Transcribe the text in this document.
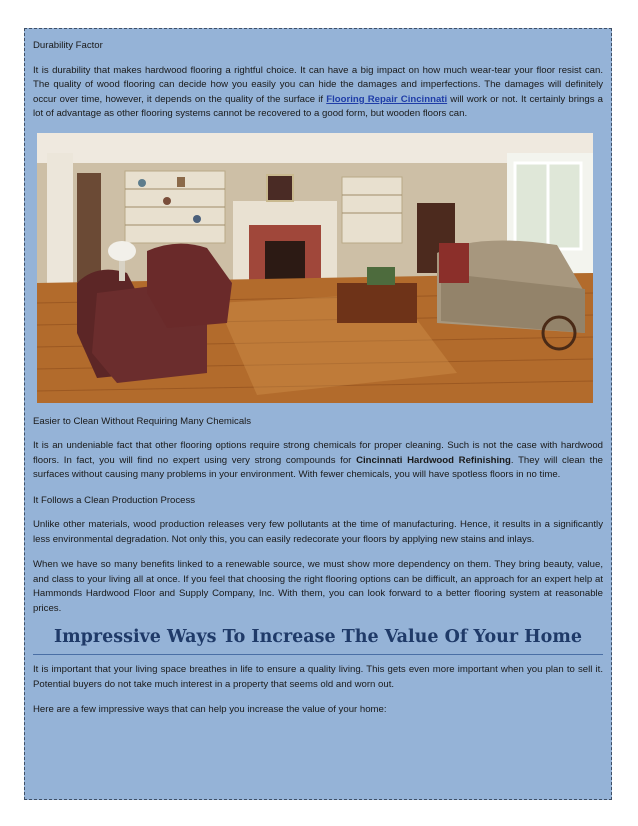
Durability Factor

It is durability that makes hardwood flooring a rightful choice. It can have a big impact on how much wear-tear your floor resist can. The quality of wood flooring can decide how you easily you can hide the damages and imperfections. The damages will definitely occur over time, however, it depends on the quality of the surface if Flooring Repair Cincinnati will work or not. It certainly brings a lot of advantage as other flooring systems cannot be recovered to a good form, but wooden floors can.

Easier to Clean Without Requiring Many Chemicals

It is an undeniable fact that other flooring options require strong chemicals for proper cleaning. Such is not the case with hardwood floors. In fact, you will find no expert using very strong compounds for Cincinnati Hardwood Refinishing. They will clean the surfaces without causing many problems in your environment. With fewer chemicals, you will have spotless floors in no time.

It Follows a Clean Production Process

Unlike other materials, wood production releases very few pollutants at the time of manufacturing. Hence, it results in a significantly less environmental degradation. Not only this, you can easily redecorate your floors by applying new stains and inlays.

When we have so many benefits linked to a renewable source, we must show more dependency on them. They bring beauty, value, and class to your living all at once. If you feel that choosing the right flooring options can be difficult, an approach for an expert help at Hammonds Hardwood Floor and Supply Company, Inc. With them, you can look forward to a better flooring system at reasonable prices.

Impressive Ways To Increase The Value Of Your Home

It is important that your living space breathes in life to ensure a quality living. This gets even more important when you plan to sell it. Potential buyers do not take much interest in a property that seems old and worn out.

Here are a few impressive ways that can help you increase the value of your home:
